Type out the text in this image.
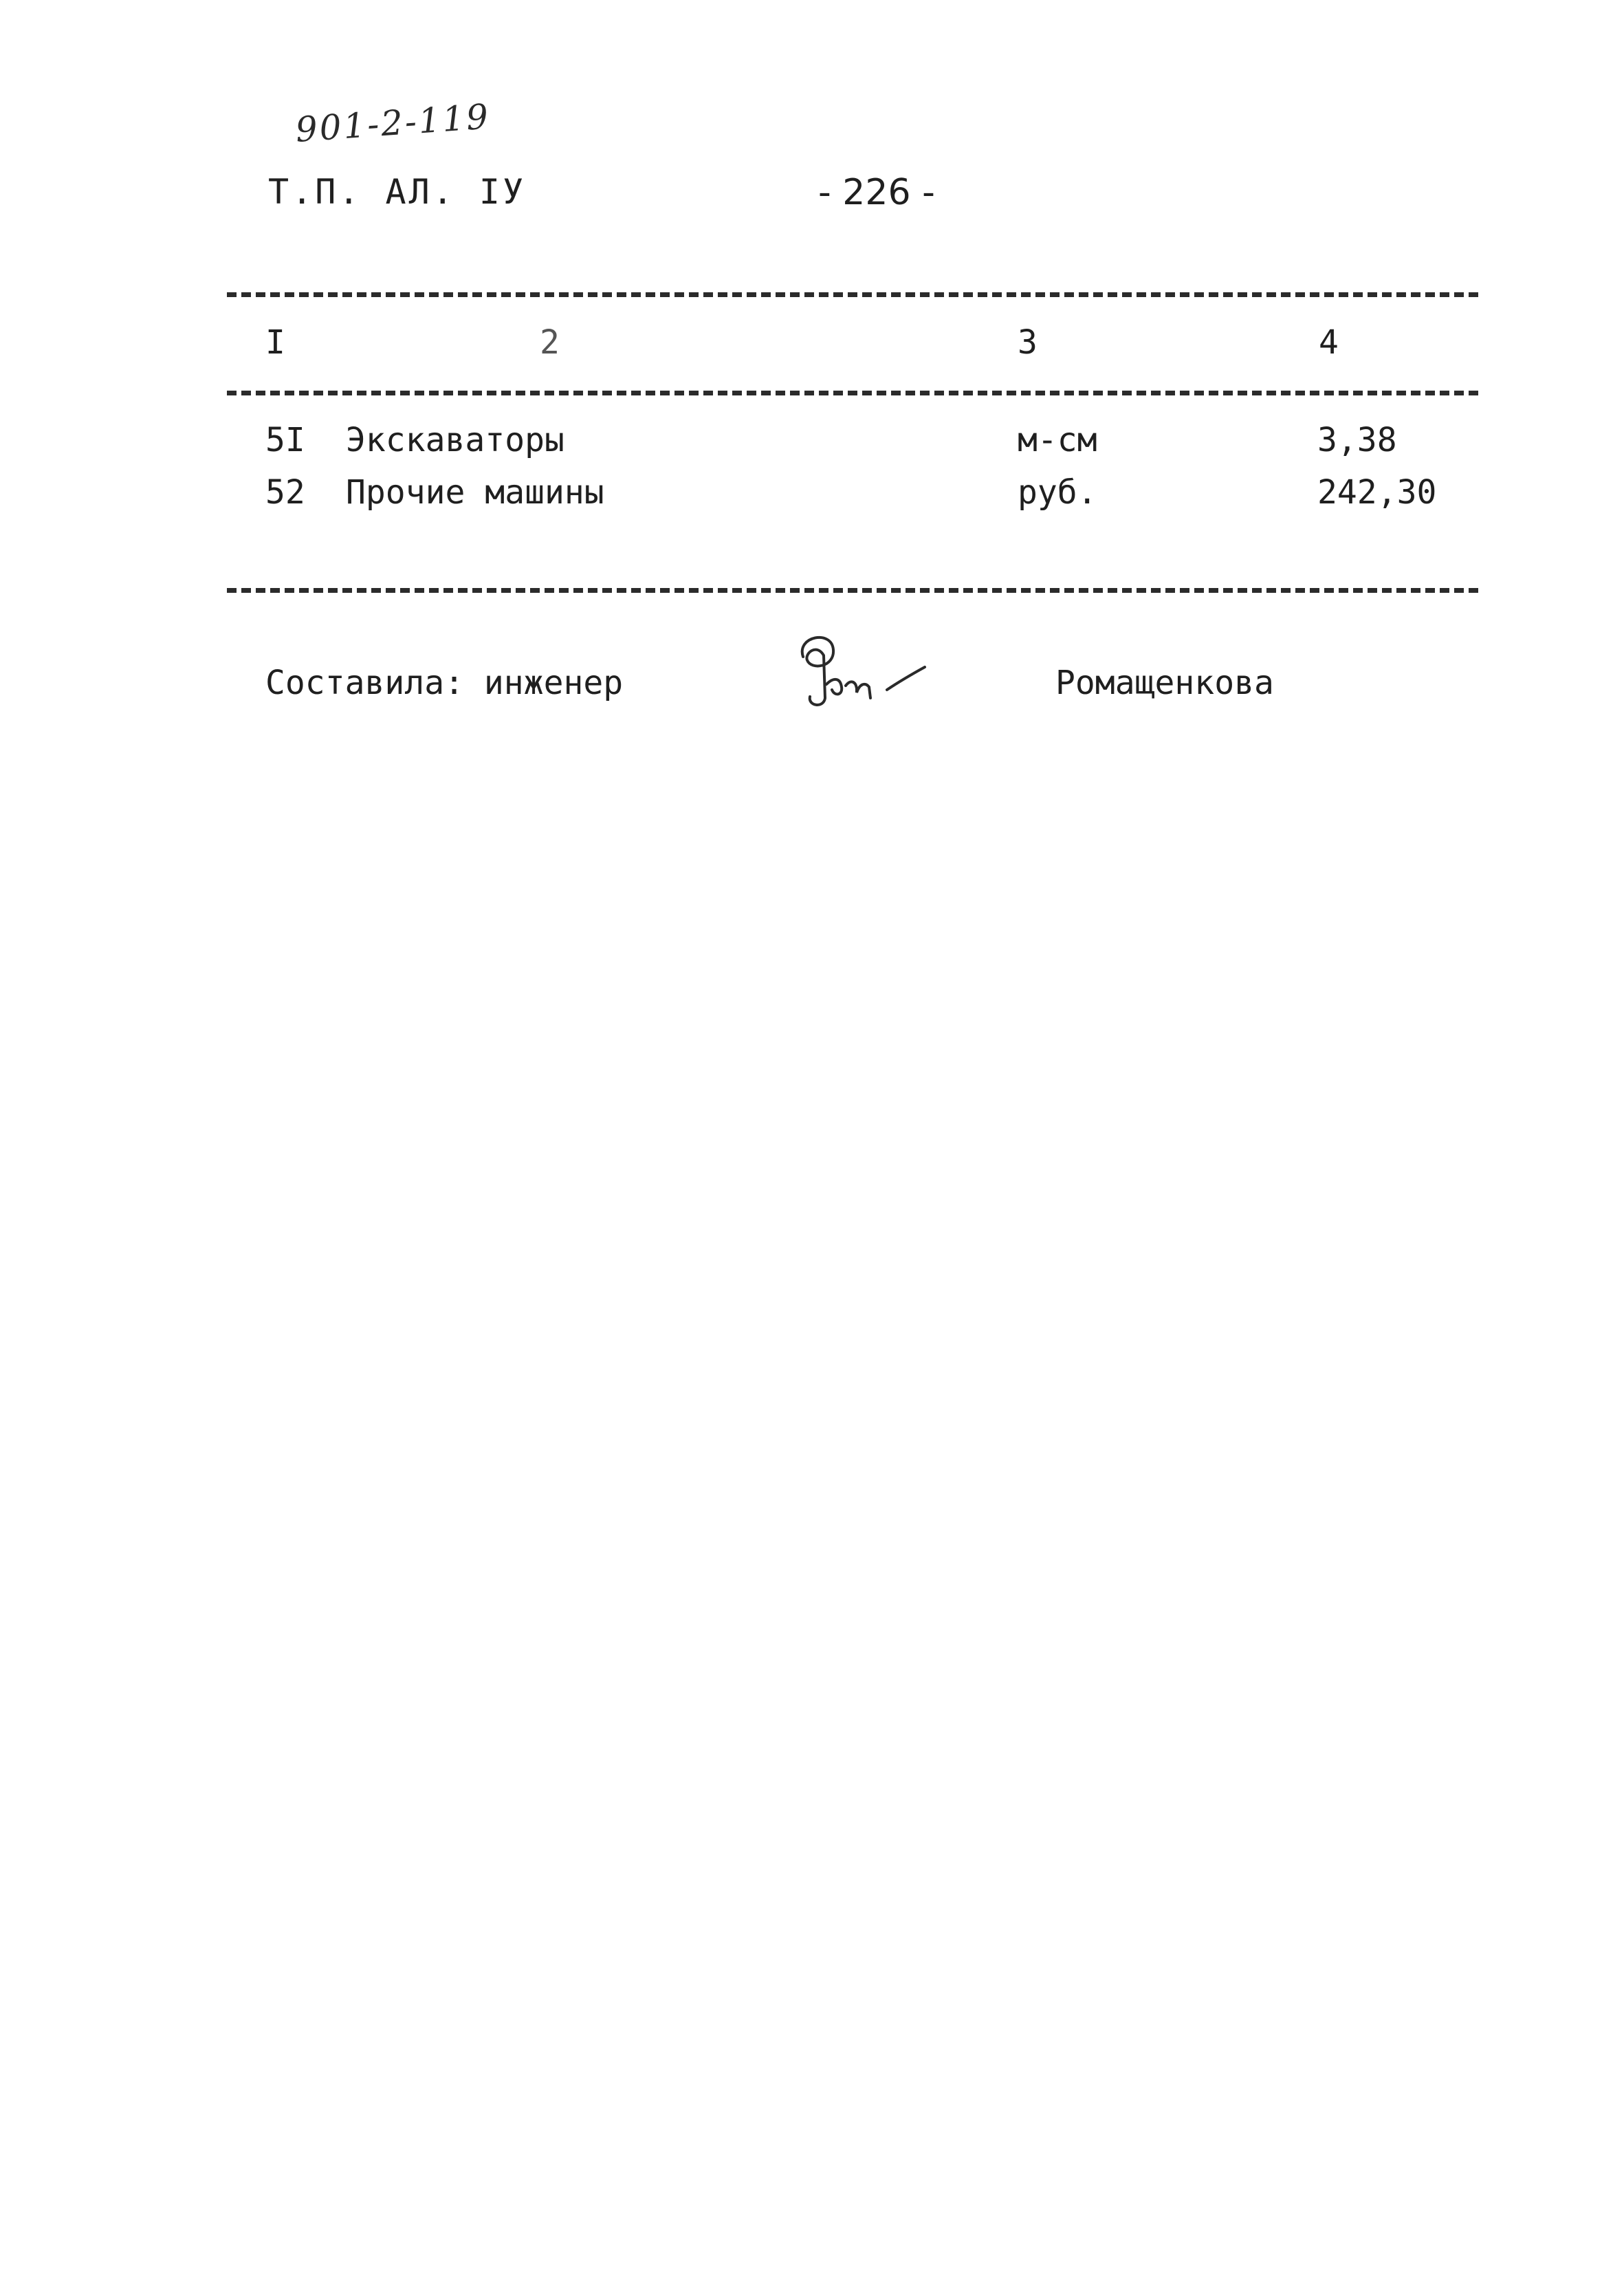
901-2-119
Т.П. АЛ. IУ	- 226 -
I	2	3	4
5I Экскаваторы	м-см	3,38
52 Прочие машины	руб.	242,30
Составила: инженер	Ромащенкова
